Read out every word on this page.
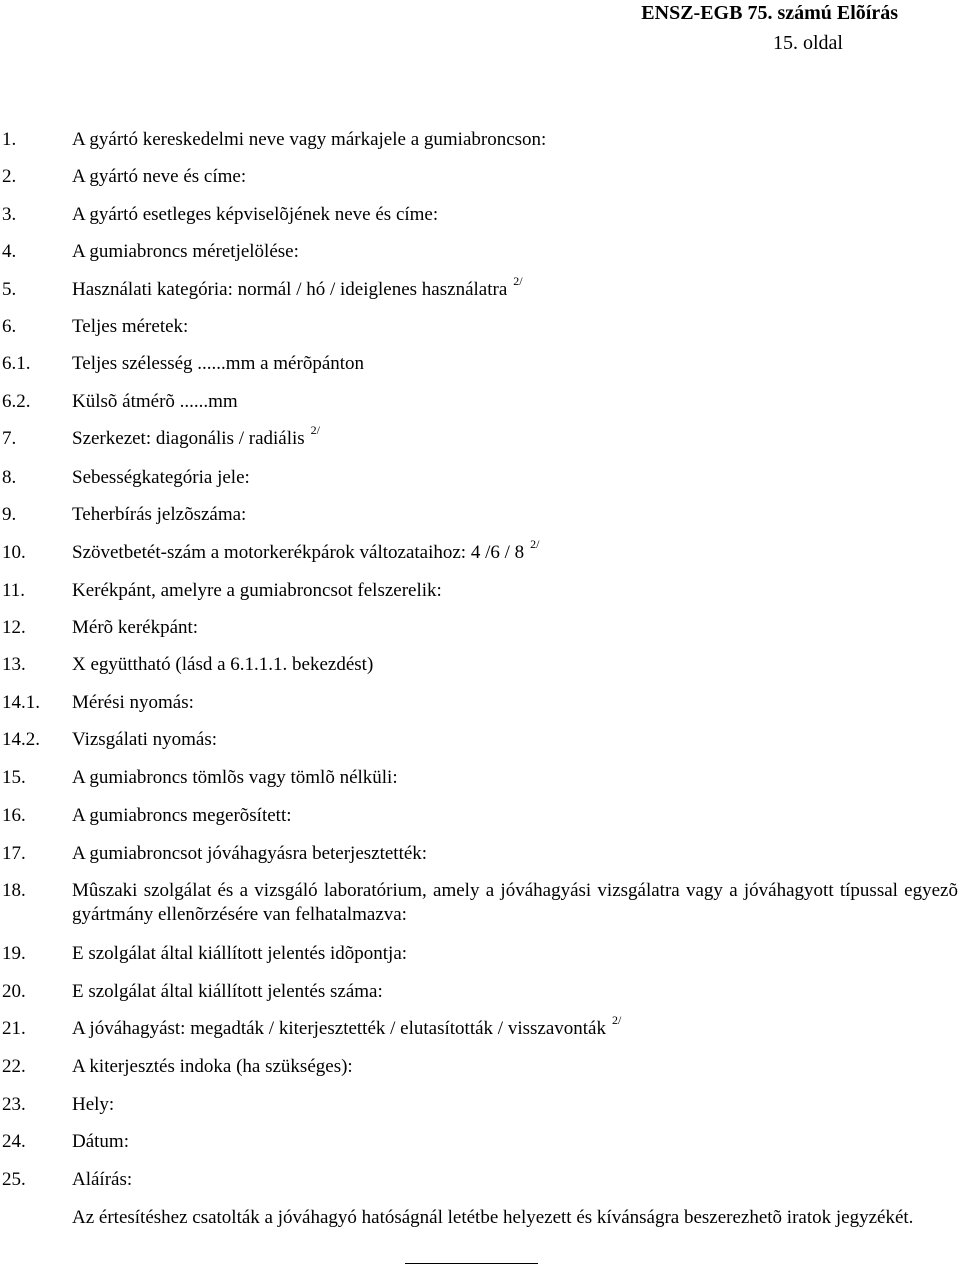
ENSZ-EGB 75. számú Elõírás
15. oldal
1.	A gyártó kereskedelmi neve vagy márkajele a gumiabroncson:
2.	A gyártó neve és címe:
3.	A gyártó esetleges képviselõjének neve és címe:
4.	A gumiabroncs méretjelölése:
5.	Használati kategória: normál / hó / ideiglenes használatra $^{2/}$
6.	Teljes méretek:
6.1. Teljes szélesség ......mm a mérõpánton
6.2. Külsõ átmérõ ......mm
7.	Szerkezet: diagonális / radiális $^{2/}$
8.	Sebességkategória jele:
9.	Teherbírás jelzõszáma:
10. Szövetbetét-szám a motorkerékpárok változataihoz: 4 /6 / 8 $^{2/}$
11. Kerékpánt, amelyre a gumiabroncsot felszerelik:
12. Mérõ kerékpánt:
13. X együttható (lásd a 6.1.1.1. bekezdést)
14.1. Mérési nyomás:
14.2. Vizsgálati nyomás:
15. A gumiabroncs tömlõs vagy tömlõ nélküli:
16. A gumiabroncs megerõsített:
17. A gumiabroncsot jóváhagyásra beterjesztették:
18. Mûszaki szolgálat és a vizsgáló laboratórium, amely a jóváhagyási vizsgálatra vagy a jóváhagyott típussal egyezõ gyártmány ellenõrzésére van felhatalmazva:
19. E szolgálat által kiállított jelentés idõpontja:
20. E szolgálat által kiállított jelentés száma:
21. A jóváhagyást: megadták / kiterjesztették / elutasították / visszavonták $^{2/}$
22. A kiterjesztés indoka (ha szükséges):
23. Hely:
24. Dátum:
25. Aláírás:
Az értesítéshez csatolták a jóváhagyó hatóságnál letétbe helyezett és kívánságra beszerezhetõ iratok jegyzékét.
